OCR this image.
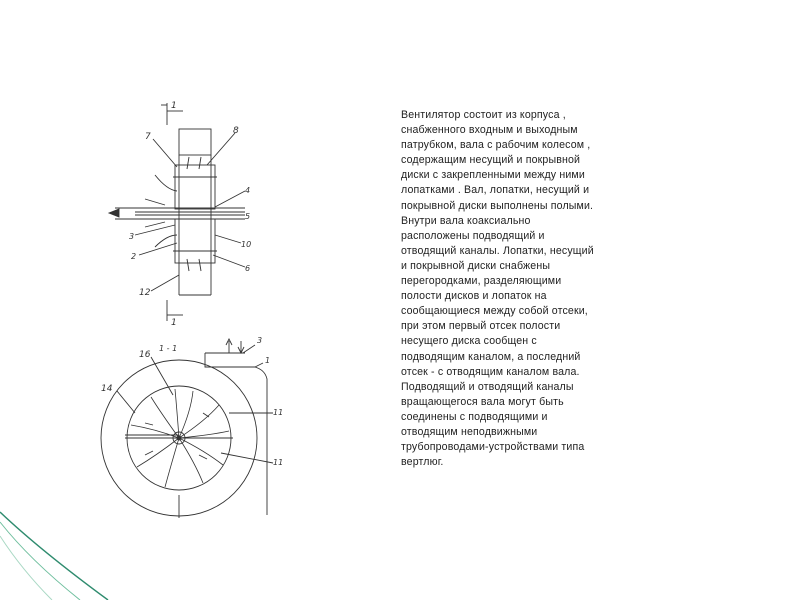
1
7
8
4
5
3
10
2
6
12
1
1 - 1
3
1
16
14
11
11

Вентилятор состоит из корпуса ,

снабженного входным и выходным

патрубком, вала с рабочим колесом ,

содержащим несущий и покрывной

диски с закрепленными между ними

лопатками . Вал, лопатки, несущий и

покрывной диски выполнены полыми.

Внутри вала коаксиально

расположены подводящий и

отводящий каналы. Лопатки, несущий

и покрывной диски снабжены

перегородками, разделяющими

полости дисков и лопаток на

сообщающиеся между собой отсеки,

при этом первый отсек полости

несущего диска сообщен с

подводящим каналом, а последний

отсек - с отводящим каналом вала.

Подводящий и отводящий каналы

вращающегося вала могут быть

соединены с подводящими и

отводящим неподвижными

трубопроводами-устройствами типа

вертлюг.
